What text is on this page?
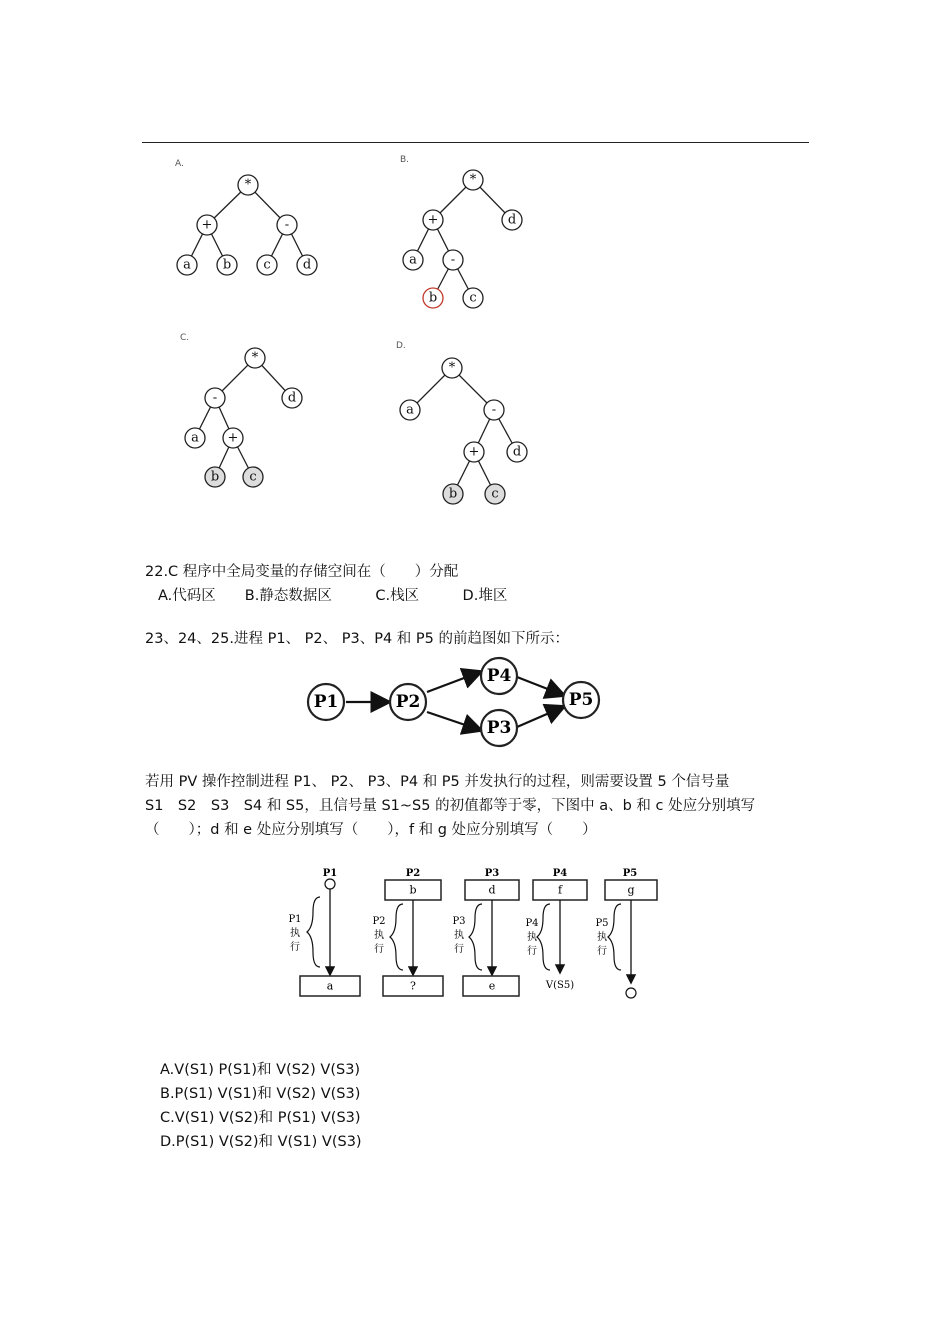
A.
*
+	-
a b c d
B.
*
+	d
a	-
b c
C.
*
-	d
a +
b c
D.
*
a	-
+	d
b	c
22.C 程序中全局变量的存储空间在（　　）分配
A.代码区　　B.静态数据区　　　C.栈区　　　D.堆区
23、24、25.进程 P1、 P2、 P3、P4 和 P5 的前趋图如下所示：
P1	P2
P4
P3
P5
若用 PV 操作控制进程 P1、 P2、 P3、P4 和 P5 并发执行的过程，则需要设置 5 个信号量
S1　S2　S3　S4 和 S5，且信号量 S1~S5 的初值都等于零，下图中 a、b 和 c 处应分别填写
（　　）；d 和 e 处应分别填写（　　），f 和 g 处应分别填写（　　）
P1
P1
执
行
a
P2
b
P2
执
行
?
P3
d
P3
执
行
e
P4
f
P4
执
行
V(S5)
P5
g
P5
执
行
A.V(S1) P(S1)和 V(S2) V(S3)
B.P(S1) V(S1)和 V(S2) V(S3)
C.V(S1) V(S2)和 P(S1) V(S3)
D.P(S1) V(S2)和 V(S1) V(S3)
